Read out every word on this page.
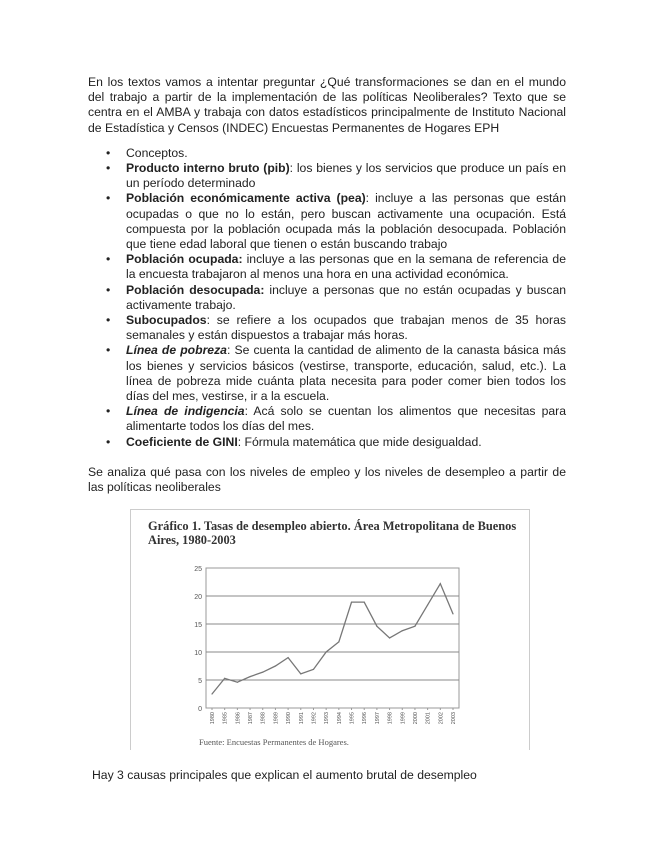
En los textos vamos a intentar preguntar ¿Qué transformaciones se dan en el mundo del trabajo a partir de la implementación de las políticas Neoliberales? Texto que se centra en el AMBA y trabaja con datos estadísticos principalmente de Instituto Nacional de Estadística y Censos (INDEC) Encuestas Permanentes de Hogares EPH
• Conceptos.
• Producto interno bruto (pib): los bienes y los servicios que produce un país en un período determinado
• Población económicamente activa (pea): incluye a las personas que están ocupadas o que no lo están, pero buscan activamente una ocupación. Está compuesta por la población ocupada más la población desocupada. Población que tiene edad laboral que tienen o están buscando trabajo
• Población ocupada: incluye a las personas que en la semana de referencia de la encuesta trabajaron al menos una hora en una actividad económica.
• Población desocupada: incluye a personas que no están ocupadas y buscan activamente trabajo.
• Subocupados: se refiere a los ocupados que trabajan menos de 35 horas semanales y están dispuestos a trabajar más horas.
• Línea de pobreza: Se cuenta la cantidad de alimento de la canasta básica más los bienes y servicios básicos (vestirse, transporte, educación, salud, etc.). La línea de pobreza mide cuánta plata necesita para poder comer bien todos los días del mes, vestirse, ir a la escuela.
• Línea de indigencia: Acá solo se cuentan los alimentos que necesitas para alimentarte todos los días del mes.
• Coeficiente de GINI: Fórmula matemática que mide desigualdad.
Se analiza qué pasa con los niveles de empleo y los niveles de desempleo a partir de las políticas neoliberales
Gráfico 1. Tasas de desempleo abierto. Área Metropolitana de Buenos Aires, 1980-2003
0
5
10
15
20
25
1980 1985 1986 1987 1988 1989 1990 1991 1992 1993 1994 1995 1996 1997 1998 1999 2000 2001 2002 2003
Fuente: Encuestas Permanentes de Hogares.
Hay 3 causas principales que explican el aumento brutal de desempleo
